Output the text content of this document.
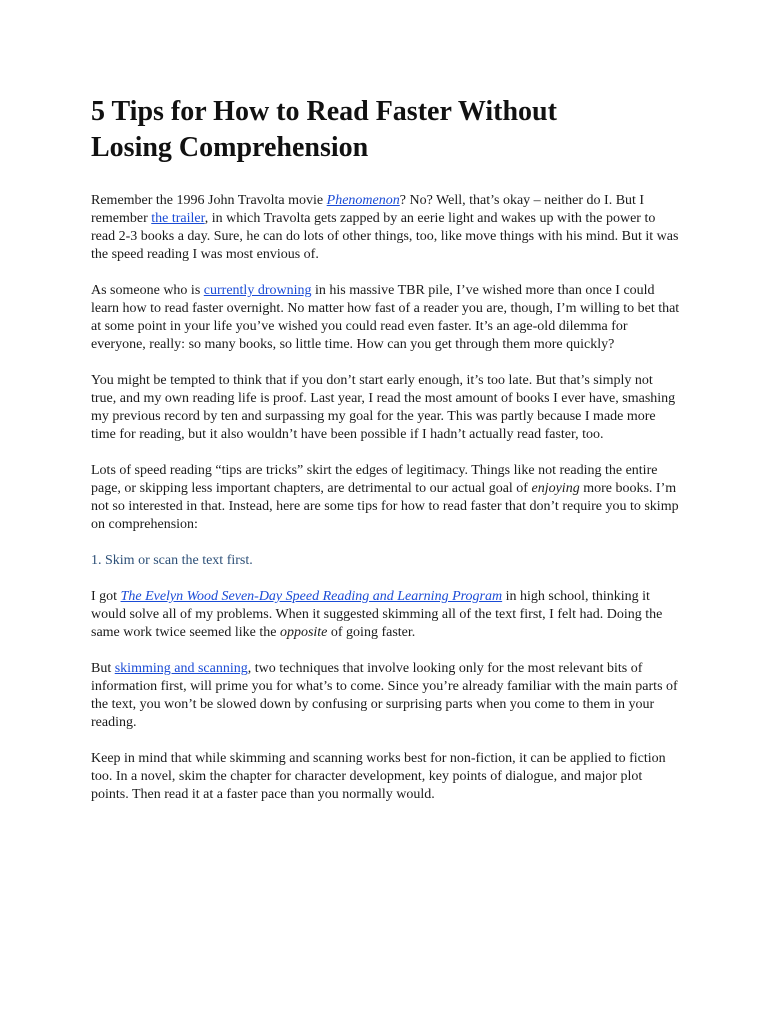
5 Tips for How to Read Faster Without
Losing Comprehension

Remember the 1996 John Travolta movie Phenomenon? No? Well, that’s okay – neither do I. But I remember the trailer, in which Travolta gets zapped by an eerie light and wakes up with the power to read 2-3 books a day. Sure, he can do lots of other things, too, like move things with his mind. But it was the speed reading I was most envious of.

As someone who is currently drowning in his massive TBR pile, I’ve wished more than once I could learn how to read faster overnight. No matter how fast of a reader you are, though, I’m willing to bet that at some point in your life you’ve wished you could read even faster. It’s an age-old dilemma for everyone, really: so many books, so little time. How can you get through them more quickly?

You might be tempted to think that if you don’t start early enough, it’s too late. But that’s simply not true, and my own reading life is proof. Last year, I read the most amount of books I ever have, smashing my previous record by ten and surpassing my goal for the year. This was partly because I made more time for reading, but it also wouldn’t have been possible if I hadn’t actually read faster, too.

Lots of speed reading “tips are tricks” skirt the edges of legitimacy. Things like not reading the entire page, or skipping less important chapters, are detrimental to our actual goal of enjoying more books. I’m not so interested in that. Instead, here are some tips for how to read faster that don’t require you to skimp on comprehension:

1. Skim or scan the text first.

I got The Evelyn Wood Seven-Day Speed Reading and Learning Program in high school, thinking it would solve all of my problems. When it suggested skimming all of the text first, I felt had. Doing the same work twice seemed like the opposite of going faster.

But skimming and scanning, two techniques that involve looking only for the most relevant bits of information first, will prime you for what’s to come. Since you’re already familiar with the main parts of the text, you won’t be slowed down by confusing or surprising parts when you come to them in your reading.

Keep in mind that while skimming and scanning works best for non-fiction, it can be applied to fiction too. In a novel, skim the chapter for character development, key points of dialogue, and major plot points. Then read it at a faster pace than you normally would.
